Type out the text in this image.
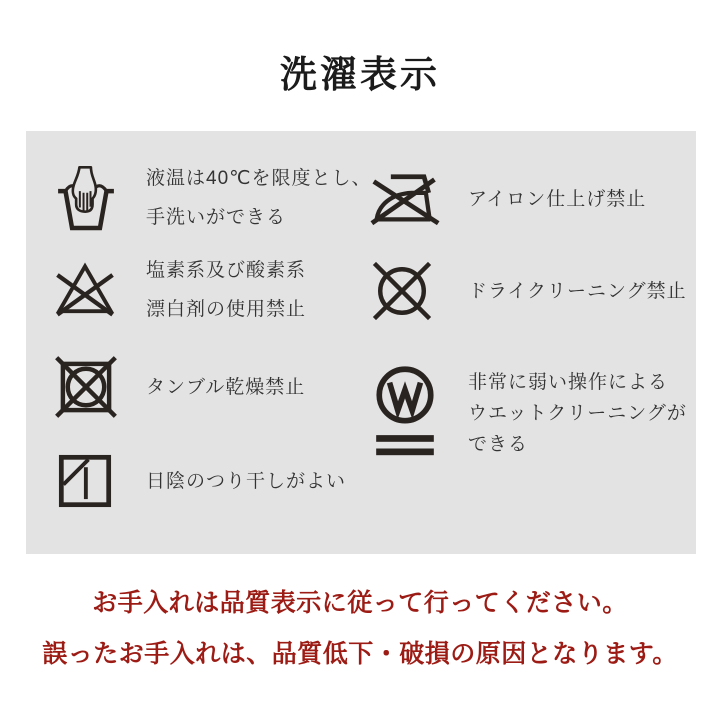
洗濯表示
液温は40℃を限度とし、
手洗いができる
塩素系及び酸素系
漂白剤の使用禁止
タンブル乾燥禁止
日陰のつり干しがよい
アイロン仕上げ禁止
ドライクリーニング禁止
非常に弱い操作による
ウエットクリーニングが
できる
お手入れは品質表示に従って行ってください。
誤ったお手入れは、品質低下・破損の原因となります。
